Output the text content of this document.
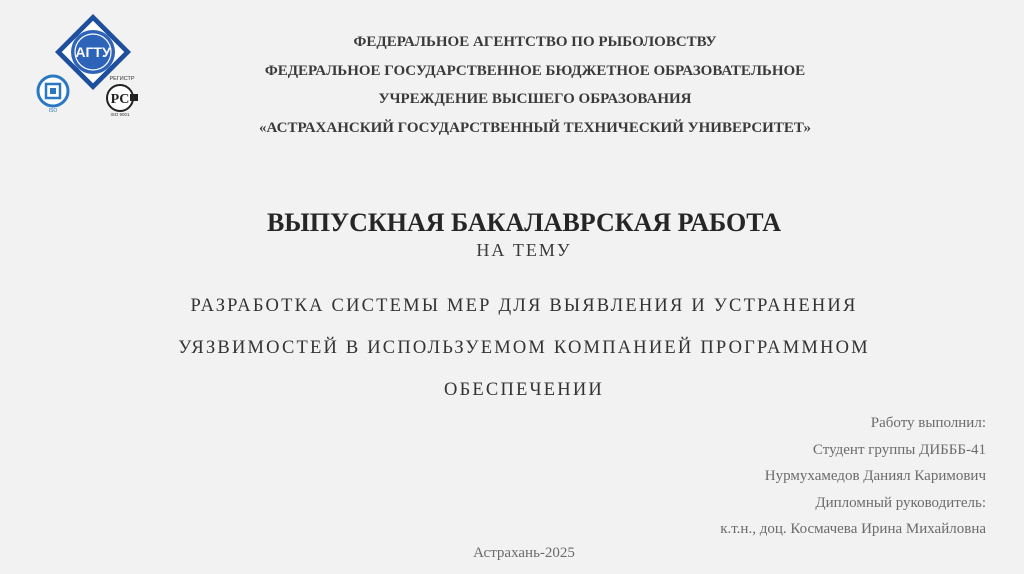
АГТУ
ISO
РЕГИСТР
РС
ISO 9001
ФЕДЕРАЛЬНОЕ АГЕНТСТВО ПО РЫБОЛОВСТВУ
ФЕДЕРАЛЬНОЕ ГОСУДАРСТВЕННОЕ БЮДЖЕТНОЕ ОБРАЗОВАТЕЛЬНОЕ
УЧРЕЖДЕНИЕ ВЫСШЕГО ОБРАЗОВАНИЯ
«АСТРАХАНСКИЙ ГОСУДАРСТВЕННЫЙ ТЕХНИЧЕСКИЙ УНИВЕРСИТЕТ»
ВЫПУСКНАЯ БАКАЛАВРСКАЯ РАБОТА
НА ТЕМУ
РАЗРАБОТКА СИСТЕМЫ МЕР ДЛЯ ВЫЯВЛЕНИЯ И УСТРАНЕНИЯ
УЯЗВИМОСТЕЙ В ИСПОЛЬЗУЕМОМ КОМПАНИЕЙ ПРОГРАММНОМ
ОБЕСПЕЧЕНИИ
Работу выполнил:
Студент группы ДИБББ-41
Нурмухамедов Даниял Каримович
Дипломный руководитель:
к.т.н., доц. Космачева Ирина Михайловна
Астрахань-2025
